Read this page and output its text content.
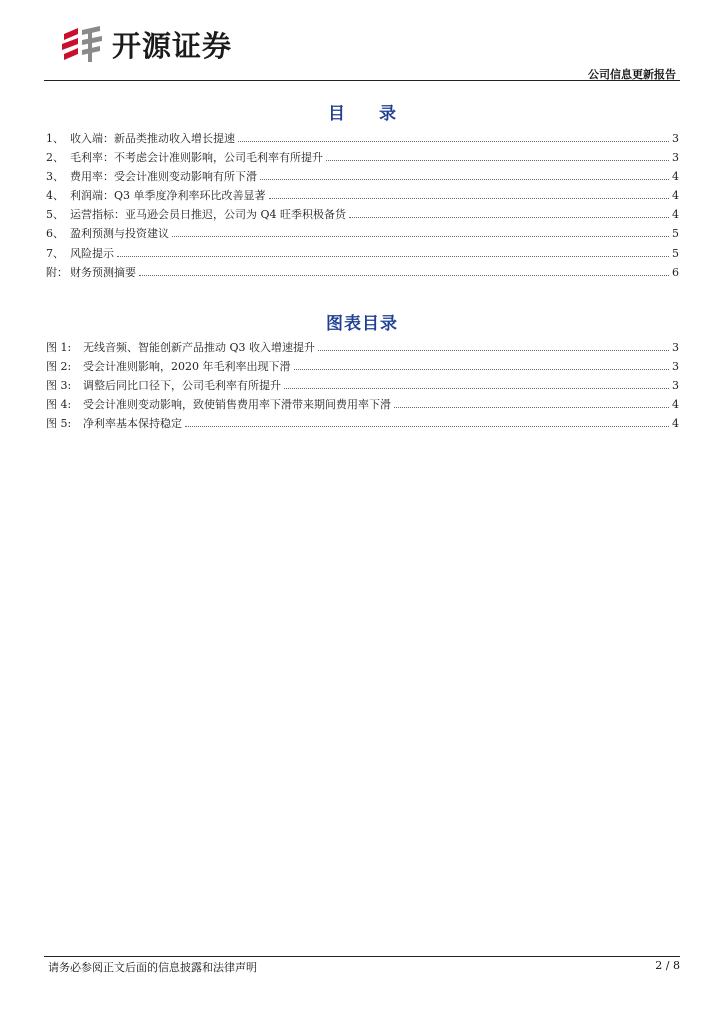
开源证券
公司信息更新报告
目 录
1、 收入端：新品类推动收入增长提速	3
2、 毛利率：不考虑会计准则影响，公司毛利率有所提升	3
3、 费用率：受会计准则变动影响有所下滑	4
4、 利润端：Q3 单季度净利率环比改善显著	4
5、 运营指标：亚马逊会员日推迟，公司为 Q4 旺季积极备货	4
6、 盈利预测与投资建议	5
7、 风险提示	5
附： 财务预测摘要	6
图表目录
图 1:	无线音频、智能创新产品推动 Q3 收入增速提升	3
图 2:	受会计准则影响，2020 年毛利率出现下滑	3
图 3:	调整后同比口径下，公司毛利率有所提升	3
图 4:	受会计准则变动影响，致使销售费用率下滑带来期间费用率下滑	4
图 5:	净利率基本保持稳定	4
请务必参阅正文后面的信息披露和法律声明	2 / 8
